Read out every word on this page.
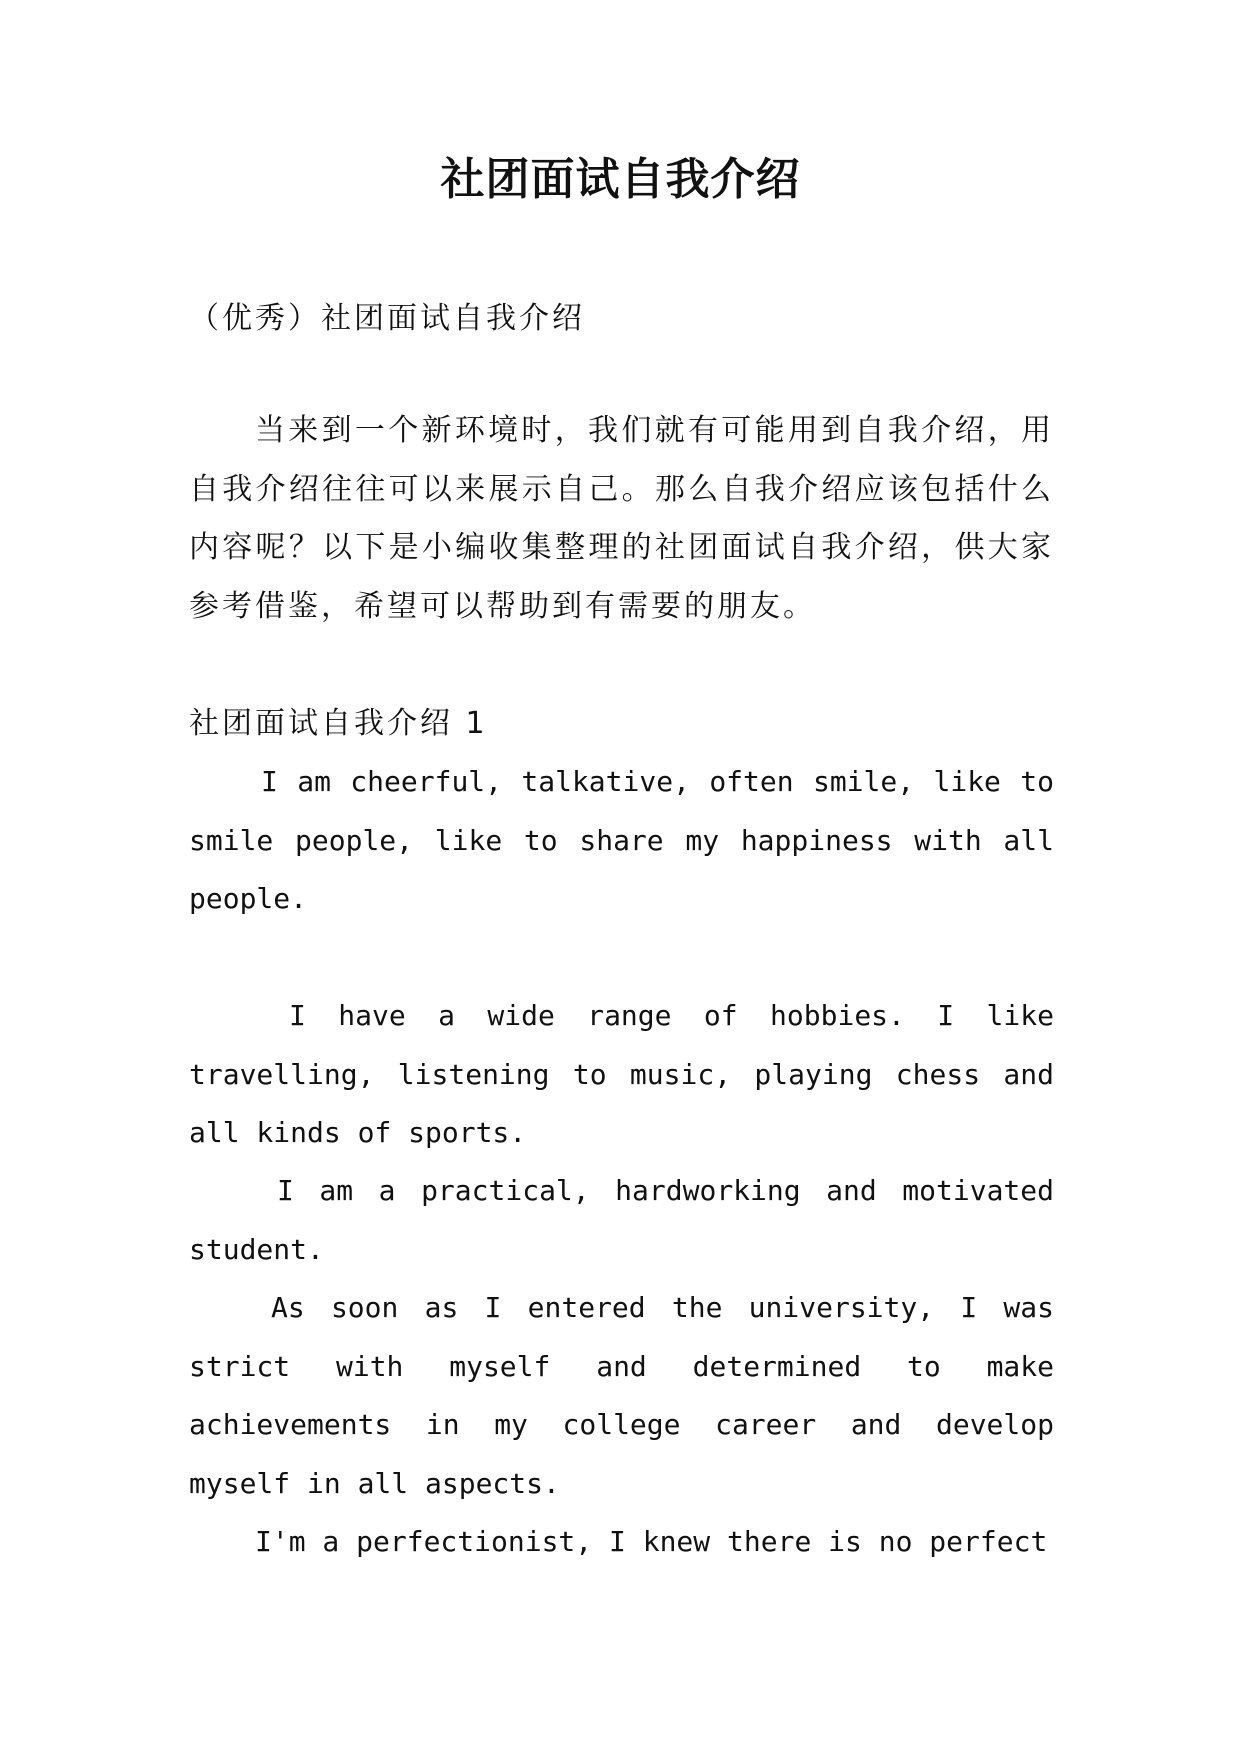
社团面试自我介绍

（优秀）社团面试自我介绍

当来到一个新环境时，我们就有可能用到自我介绍，用自我介绍往往可以来展示自己。那么自我介绍应该包括什么内容呢？以下是小编收集整理的社团面试自我介绍，供大家参考借鉴，希望可以帮助到有需要的朋友。

社团面试自我介绍 1

I am cheerful, talkative, often smile, like to smile people, like to share my happiness with all people.

I have a wide range of hobbies. I like travelling, listening to music, playing chess and all kinds of sports.

I am a practical, hardworking and motivated student.

As soon as I entered the university, I was strict with myself and determined to make achievements in my college career and develop myself in all aspects.

I'm a perfectionist, I knew there is no perfect
